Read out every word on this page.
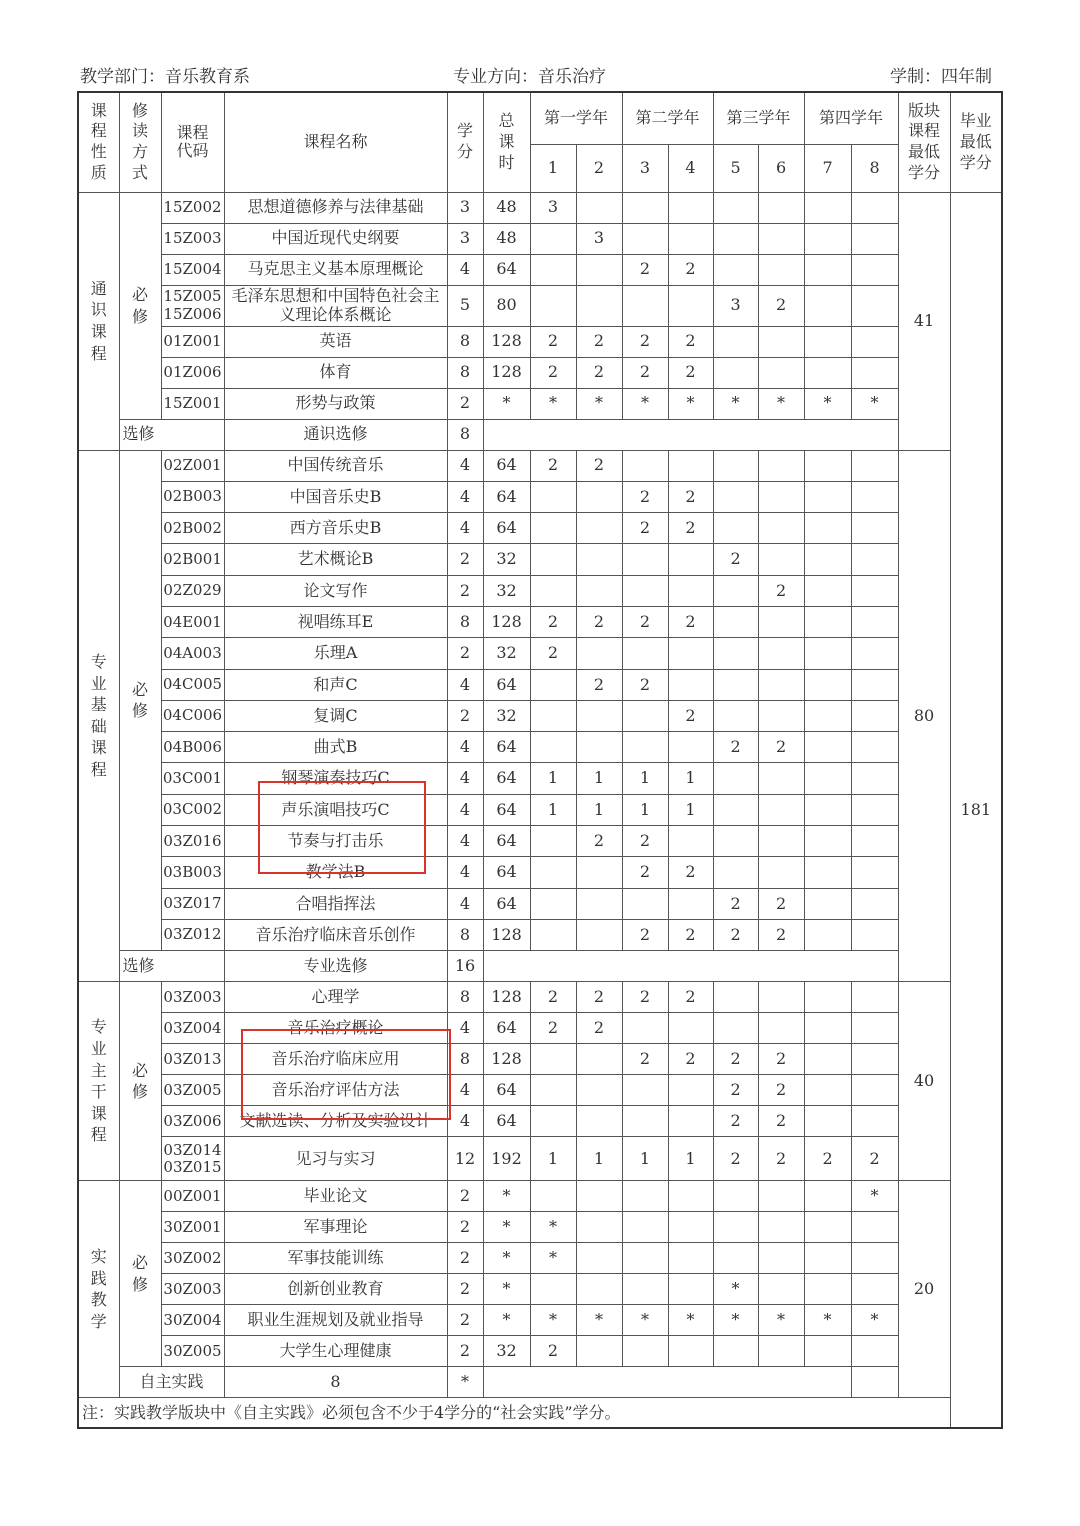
教学部门：音乐教育系	专业方向：音乐治疗	学制：四年制
课程性质	修读方式	课程代码	课程名称	学分	总课时	第一学年		第二学年		第三学年		第四学年		版块课程最低学分	毕业最低学分
						1	2	3	4	5	6	7	8		
通识课程	必修	15Z002	思想道德修养与法律基础	3	48	3								41	181
		15Z003	中国近现代史纲要	3	48		3								
		15Z004	马克思主义基本原理概论	4	64			2	2						
		15Z005 15Z006	毛泽东思想和中国特色社会主义理论体系概论	5	80					3	2				
		01Z001	英语	8	128	2	2	2	2						
		01Z006	体育	8	128	2	2	2	2						
		15Z001	形势与政策	2	*	*	*	*	*	*	*	*	*		
	选修		通识选修	8											
专业基础课程	必修	02Z001	中国传统音乐	4	64	2	2							80	
		02B003	中国音乐史B	4	64			2	2						
		02B002	西方音乐史B	4	64			2	2						
		02B001	艺术概论B	2	32					2					
		02Z029	论文写作	2	32						2				
		04E001	视唱练耳E	8	128	2	2	2	2						
		04A003	乐理A	2	32	2									
		04C005	和声C	4	64		2	2							
		04C006	复调C	2	32				2						
		04B006	曲式B	4	64					2	2				
		03C001	钢琴演奏技巧C	4	64	1	1	1	1						
		03C002	声乐演唱技巧C	4	64	1	1	1	1						
		03Z016	节奏与打击乐	4	64		2	2							
		03B003	教学法B	4	64			2	2						
		03Z017	合唱指挥法	4	64					2	2				
		03Z012	音乐治疗临床音乐创作	8	128			2	2	2	2				
	选修		专业选修	16											
专业主干课程	必修	03Z003	心理学	8	128	2	2	2	2					40	
		03Z004	音乐治疗概论	4	64	2	2								
		03Z013	音乐治疗临床应用	8	128			2	2	2	2				
		03Z005	音乐治疗评估方法	4	64					2	2				
		03Z006	文献选读、分析及实验设计	4	64					2	2				
		03Z014 03Z015	见习与实习	12	192	1	1	1	1	2	2	2	2		
实践教学	必修	00Z001	毕业论文	2	*								*	20	
		30Z001	军事理论	2	*	*									
		30Z002	军事技能训练	2	*	*									
		30Z003	创新创业教育	2	*					*					
		30Z004	职业生涯规划及就业指导	2	*	*	*	*	*	*	*	*	*		
		30Z005	大学生心理健康	2	32	2									
	自主实践		8	*											
注：实践教学版块中《自主实践》必须包含不少于4学分的“社会实践”学分。															
